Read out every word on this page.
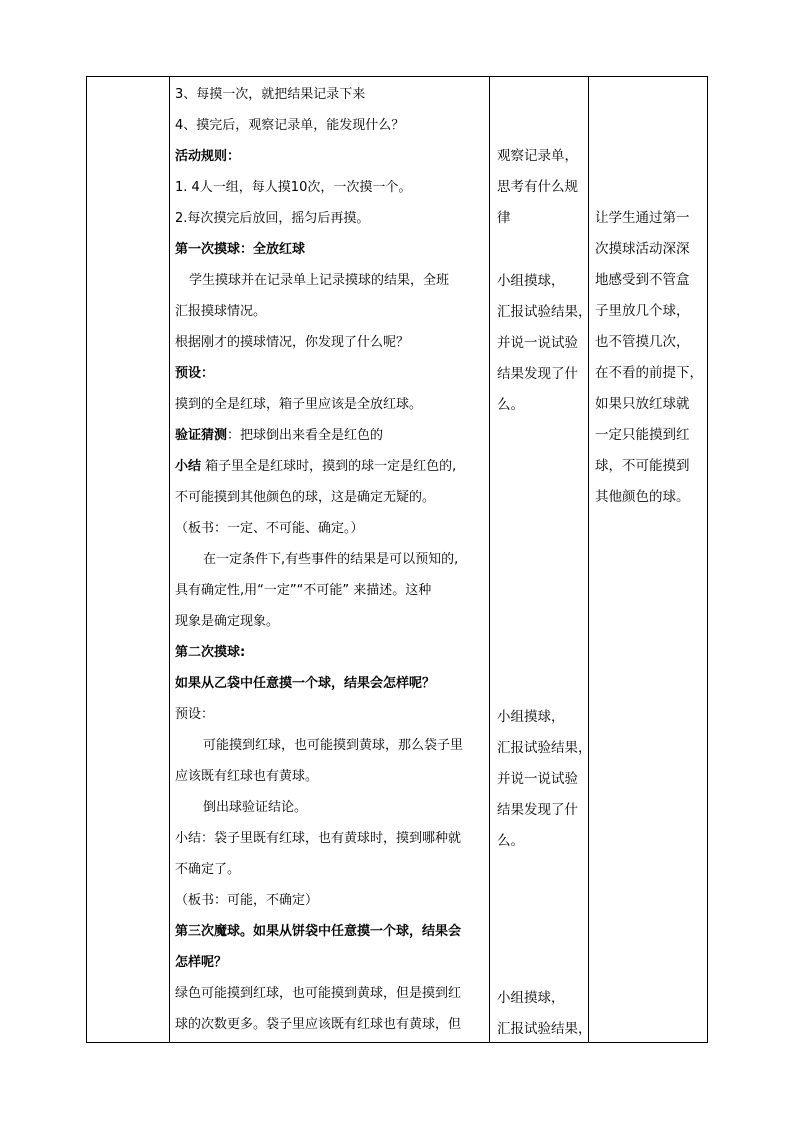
3、每摸一次，就把结果记录下来
4、摸完后，观察记录单，能发现什么？
活动规则：
1. 4人一组，每人摸10次，一次摸一个。
2.每次摸完后放回，摇匀后再摸。
第一次摸球：全放红球
学生摸球并在记录单上记录摸球的结果，全班
汇报摸球情况。
根据刚才的摸球情况，你发现了什么呢？
预设：
摸到的全是红球，箱子里应该是全放红球。
验证猜测：把球倒出来看全是红色的
小结 箱子里全是红球时，摸到的球一定是红色的,
不可能摸到其他颜色的球，这是确定无疑的。
（板书：一定、不可能、确定。）
在一定条件下,有些事件的结果是可以预知的,
具有确定性,用“一定”“不可能” 来描述。这种
现象是确定现象。
第二次摸球:
如果从乙袋中任意摸一个球，结果会怎样呢？
预设：
可能摸到红球，也可能摸到黄球，那么袋子里
应该既有红球也有黄球。
倒出球验证结论。
小结：袋子里既有红球，也有黄球时，摸到哪种就
不确定了。
（板书：可能，不确定）
第三次魔球。如果从饼袋中任意摸一个球，结果会
怎样呢？
绿色可能摸到红球，也可能摸到黄球，但是摸到红
球的次数更多。袋子里应该既有红球也有黄球，但
观察记录单，
思考有什么规
律
小组摸球，
汇报试验结果，
并说一说试验
结果发现了什
么。
小组摸球，
汇报试验结果，
并说一说试验
结果发现了什
么。
小组摸球，
汇报试验结果，
让学生通过第一
次摸球活动深深
地感受到不管盒
子里放几个球，
也不管摸几次，
在不看的前提下，
如果只放红球就
一定只能摸到红
球，不可能摸到
其他颜色的球。
